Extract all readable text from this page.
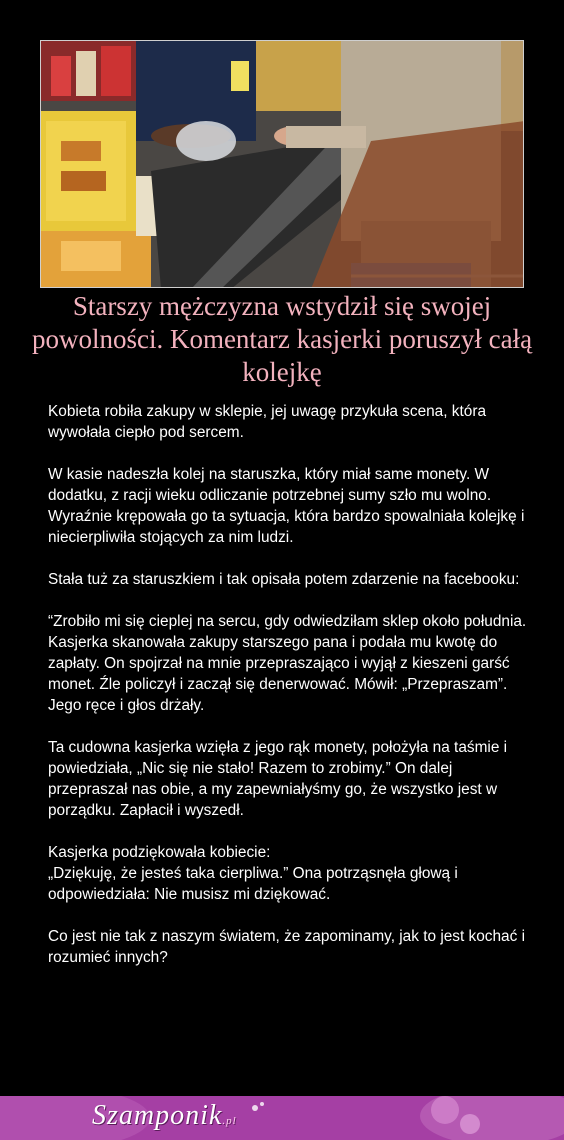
Starszy mężczyzna wstydził się swojej powolności. Komentarz kasjerki poruszył całą kolejkę

Kobieta robiła zakupy w sklepie, jej uwagę przykuła scena, która wywołała ciepło pod sercem.

W kasie nadeszła kolej na staruszka, który miał same monety. W dodatku, z racji wieku odliczanie potrzebnej sumy szło mu wolno. Wyraźnie krępowała go ta sytuacja, która bardzo spowalniała kolejkę i niecierpliwiła stojących za nim ludzi.

Stała tuż za staruszkiem i tak opisała potem zdarzenie na facebooku:

“Zrobiło mi się cieplej na sercu, gdy odwiedziłam sklep około południa. Kasjerka skanowała zakupy starszego pana i podała mu kwotę do zapłaty. On spojrzał na mnie przepraszająco i wyjął z kieszeni garść monet. Źle policzył i zaczął się denerwować. Mówił: „Przepraszam”. Jego ręce i głos drżały.

Ta cudowna kasjerka wzięła z jego rąk monety, położyła na taśmie i powiedziała, „Nic się nie stało! Razem to zrobimy.” On dalej przepraszał nas obie, a my zapewniałyśmy go, że wszystko jest w porządku. Zapłacił i wyszedł.

Kasjerka podziękowała kobiecie:
„Dziękuję, że jesteś taka cierpliwa.” Ona potrząsnęła głową i odpowiedziała: Nie musisz mi dziękować.

Co jest nie tak z naszym światem, że zapominamy, jak to jest kochać i rozumieć innych?

Szamponik.pl
